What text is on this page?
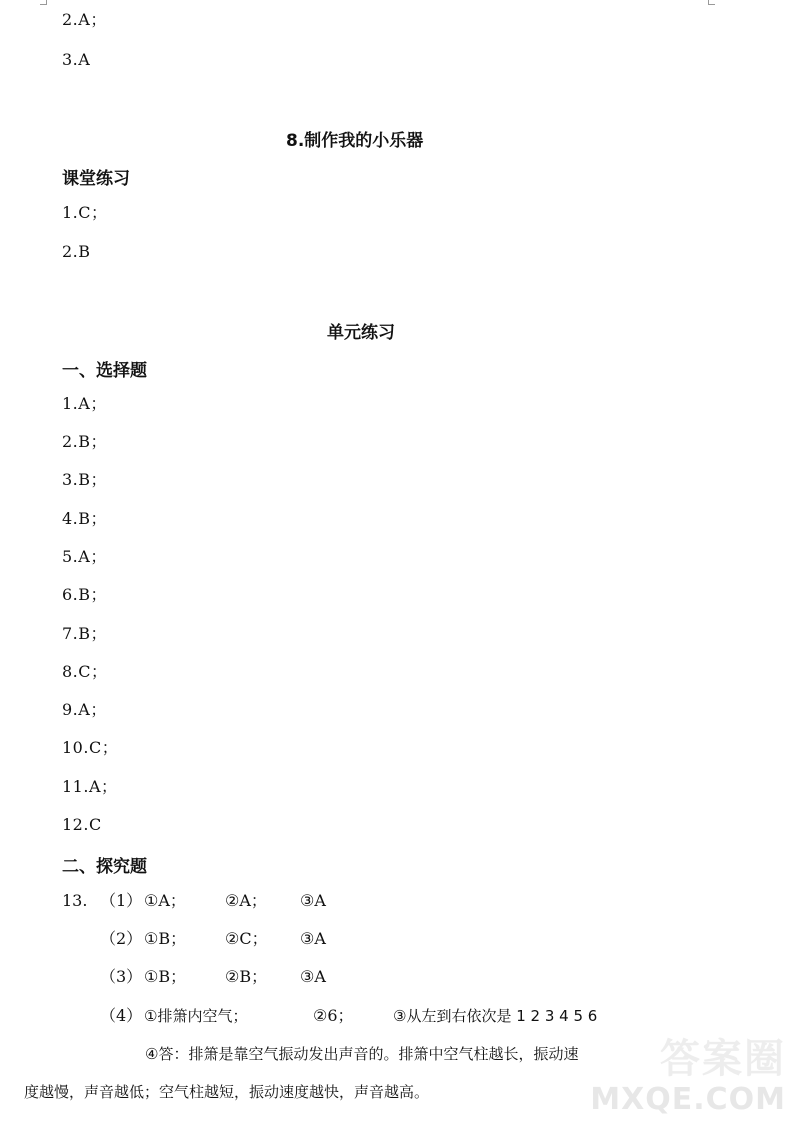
2.A；
3.A
8.制作我的小乐器
课堂练习
1.C；
2.B
单元练习
一、选择题
1.A；
2.B；
3.B；
4.B；
5.A；
6.B；
7.B；
8.C；
9.A；
10.C；
11.A；
12.C
二、探究题
13. （1） ①A； ②A； ③A
（2） ①B； ②C； ③A
（3） ①B； ②B； ③A
（4） ①排箫内空气；	②6；	③从左到右依次是 1 2 3 4 5 6
④答：排箫是靠空气振动发出声音的。排箫中空气柱越长，振动速
度越慢，声音越低；空气柱越短，振动速度越快，声音越高。
答案圈
MXQE.COM
